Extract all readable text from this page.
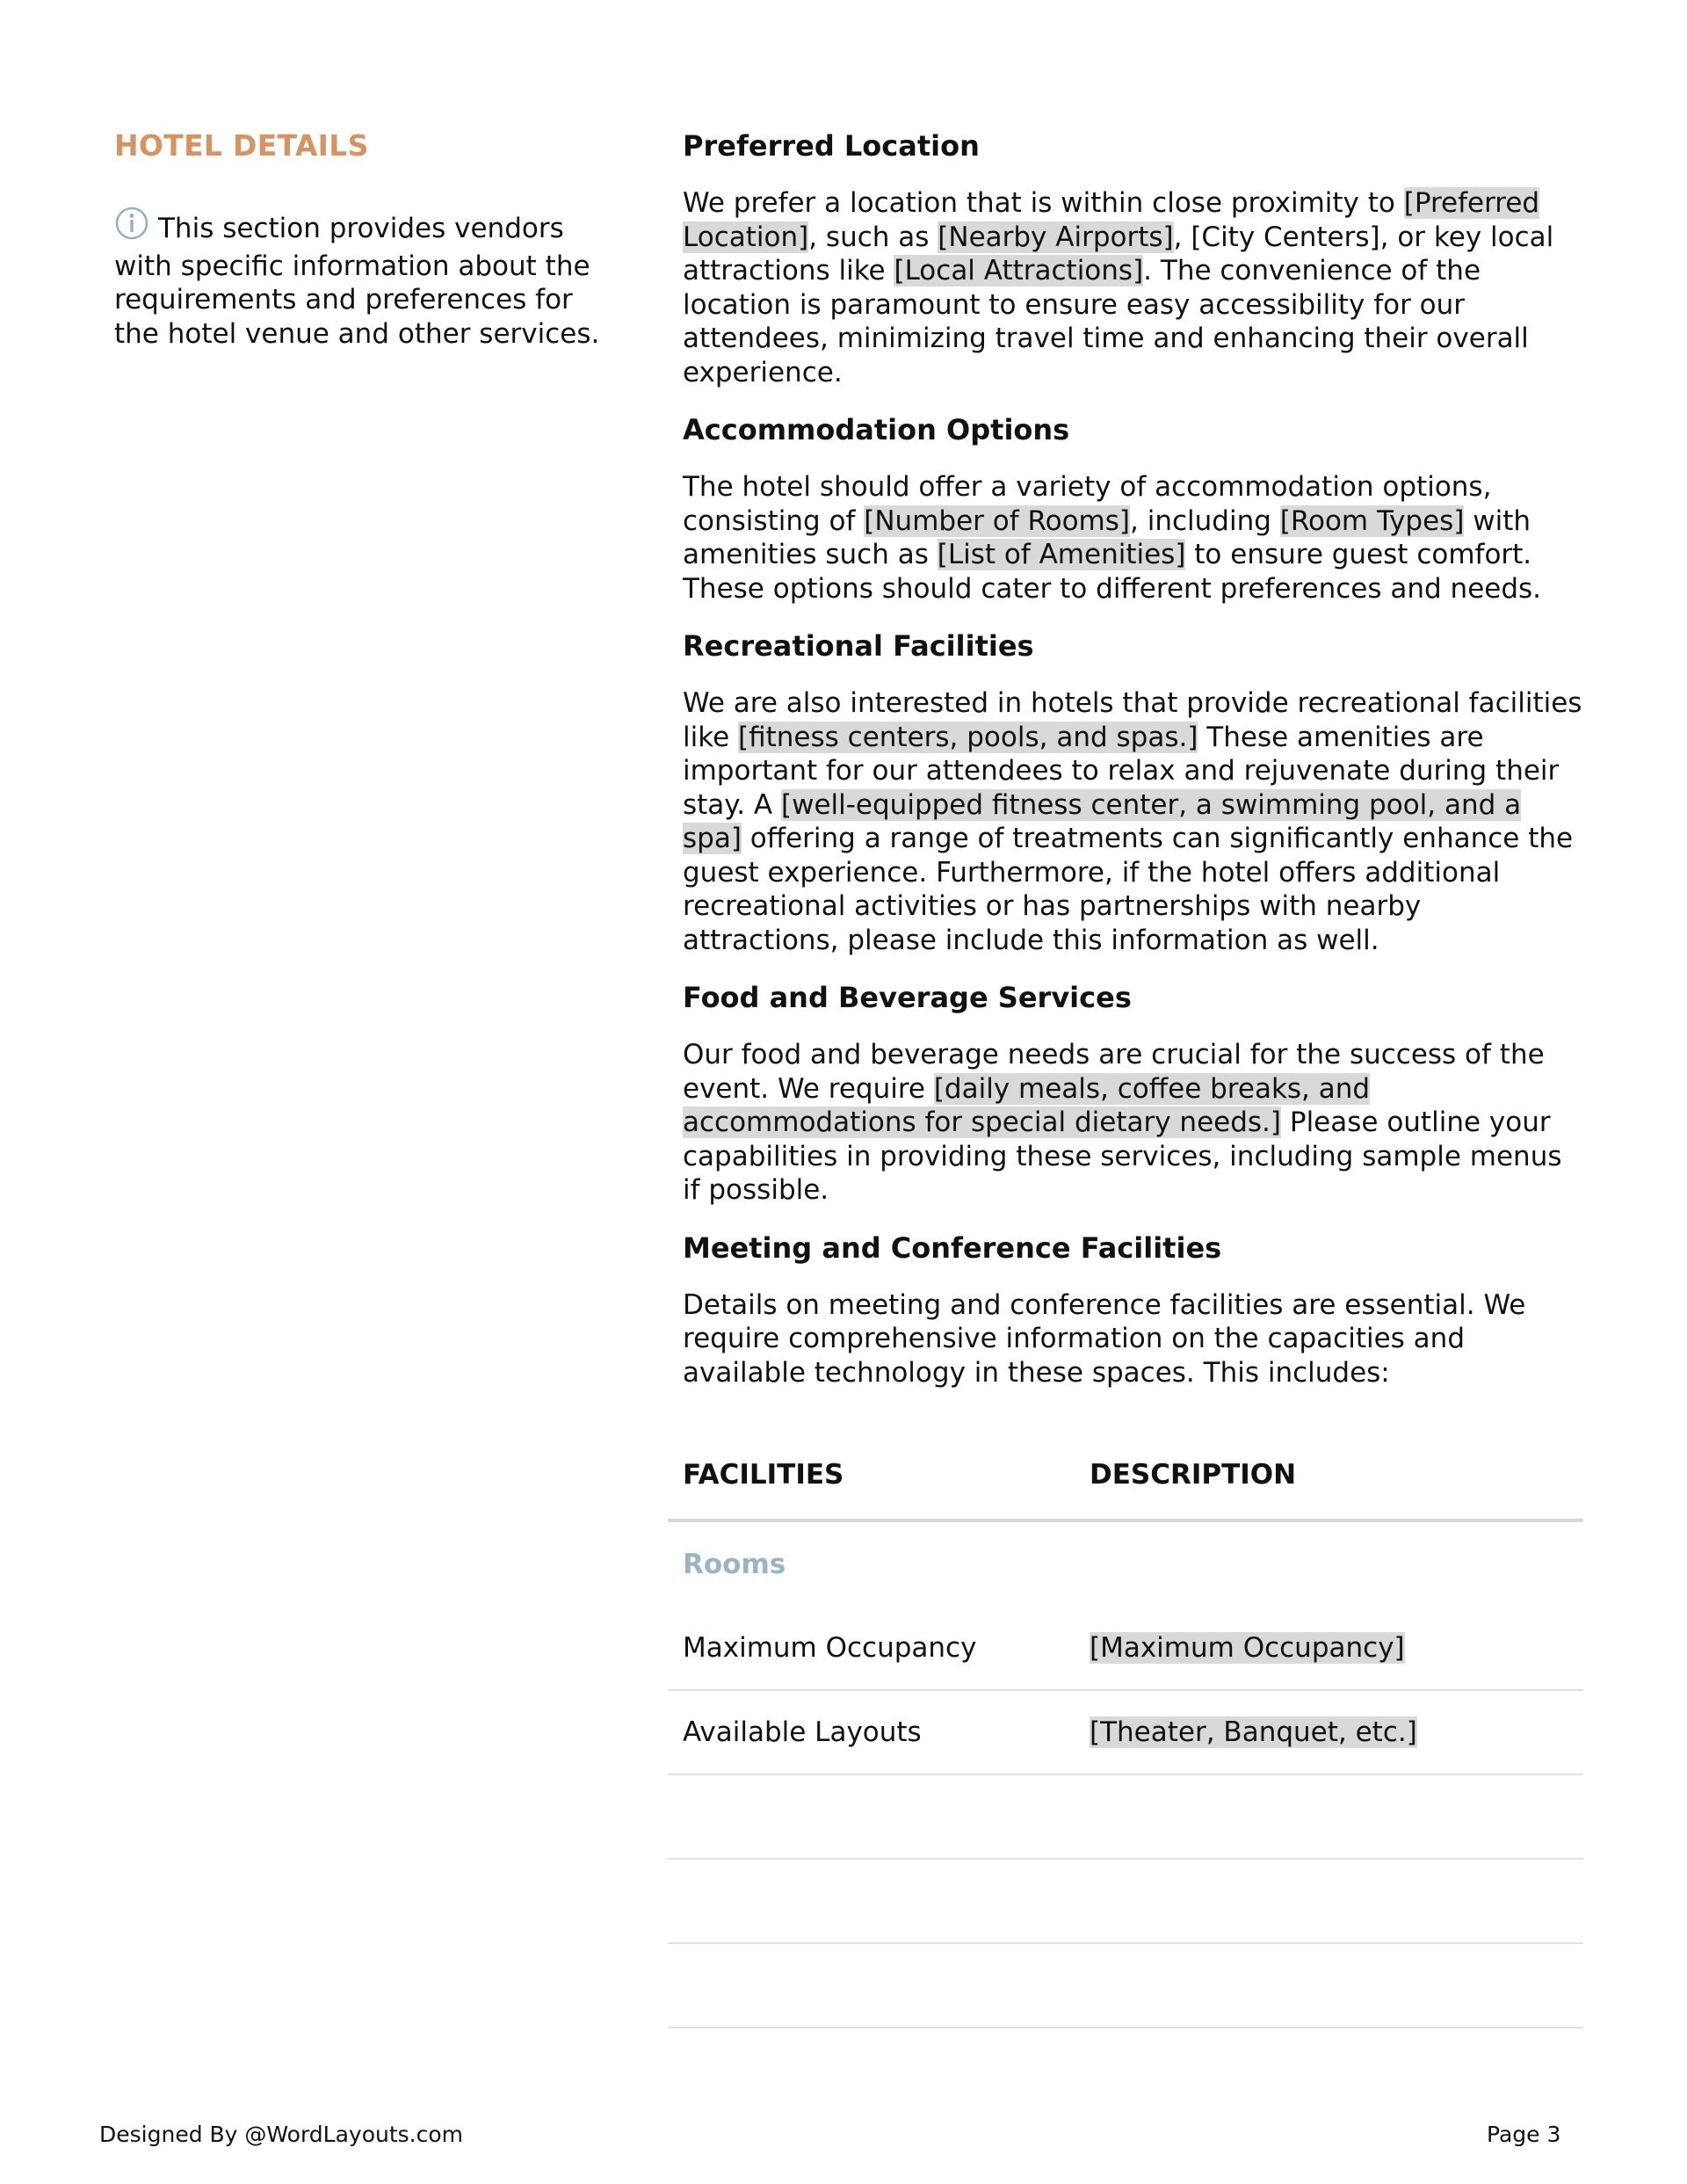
HOTEL DETAILS
This section provides vendors with specific information about the requirements and preferences for the hotel venue and other services.
Preferred Location

We prefer a location that is within close proximity to [Preferred Location], such as [Nearby Airports], [City Centers], or key local attractions like [Local Attractions]. The convenience of the location is paramount to ensure easy accessibility for our attendees, minimizing travel time and enhancing their overall experience.

Accommodation Options

The hotel should offer a variety of accommodation options, consisting of [Number of Rooms], including [Room Types] with amenities such as [List of Amenities] to ensure guest comfort. These options should cater to different preferences and needs.

Recreational Facilities

We are also interested in hotels that provide recreational facilities like [fitness centers, pools, and spas.] These amenities are important for our attendees to relax and rejuvenate during their stay. A [well-equipped fitness center, a swimming pool, and a spa] offering a range of treatments can significantly enhance the guest experience. Furthermore, if the hotel offers additional recreational activities or has partnerships with nearby attractions, please include this information as well.

Food and Beverage Services

Our food and beverage needs are crucial for the success of the event. We require [daily meals, coffee breaks, and accommodations for special dietary needs.] Please outline your capabilities in providing these services, including sample menus if possible.

Meeting and Conference Facilities

Details on meeting and conference facilities are essential. We require comprehensive information on the capacities and available technology in these spaces. This includes:

FACILITIES	DESCRIPTION
Rooms
Maximum Occupancy	[Maximum Occupancy]
Available Layouts	[Theater, Banquet, etc.]
Designed By @WordLayouts.com	Page 3
